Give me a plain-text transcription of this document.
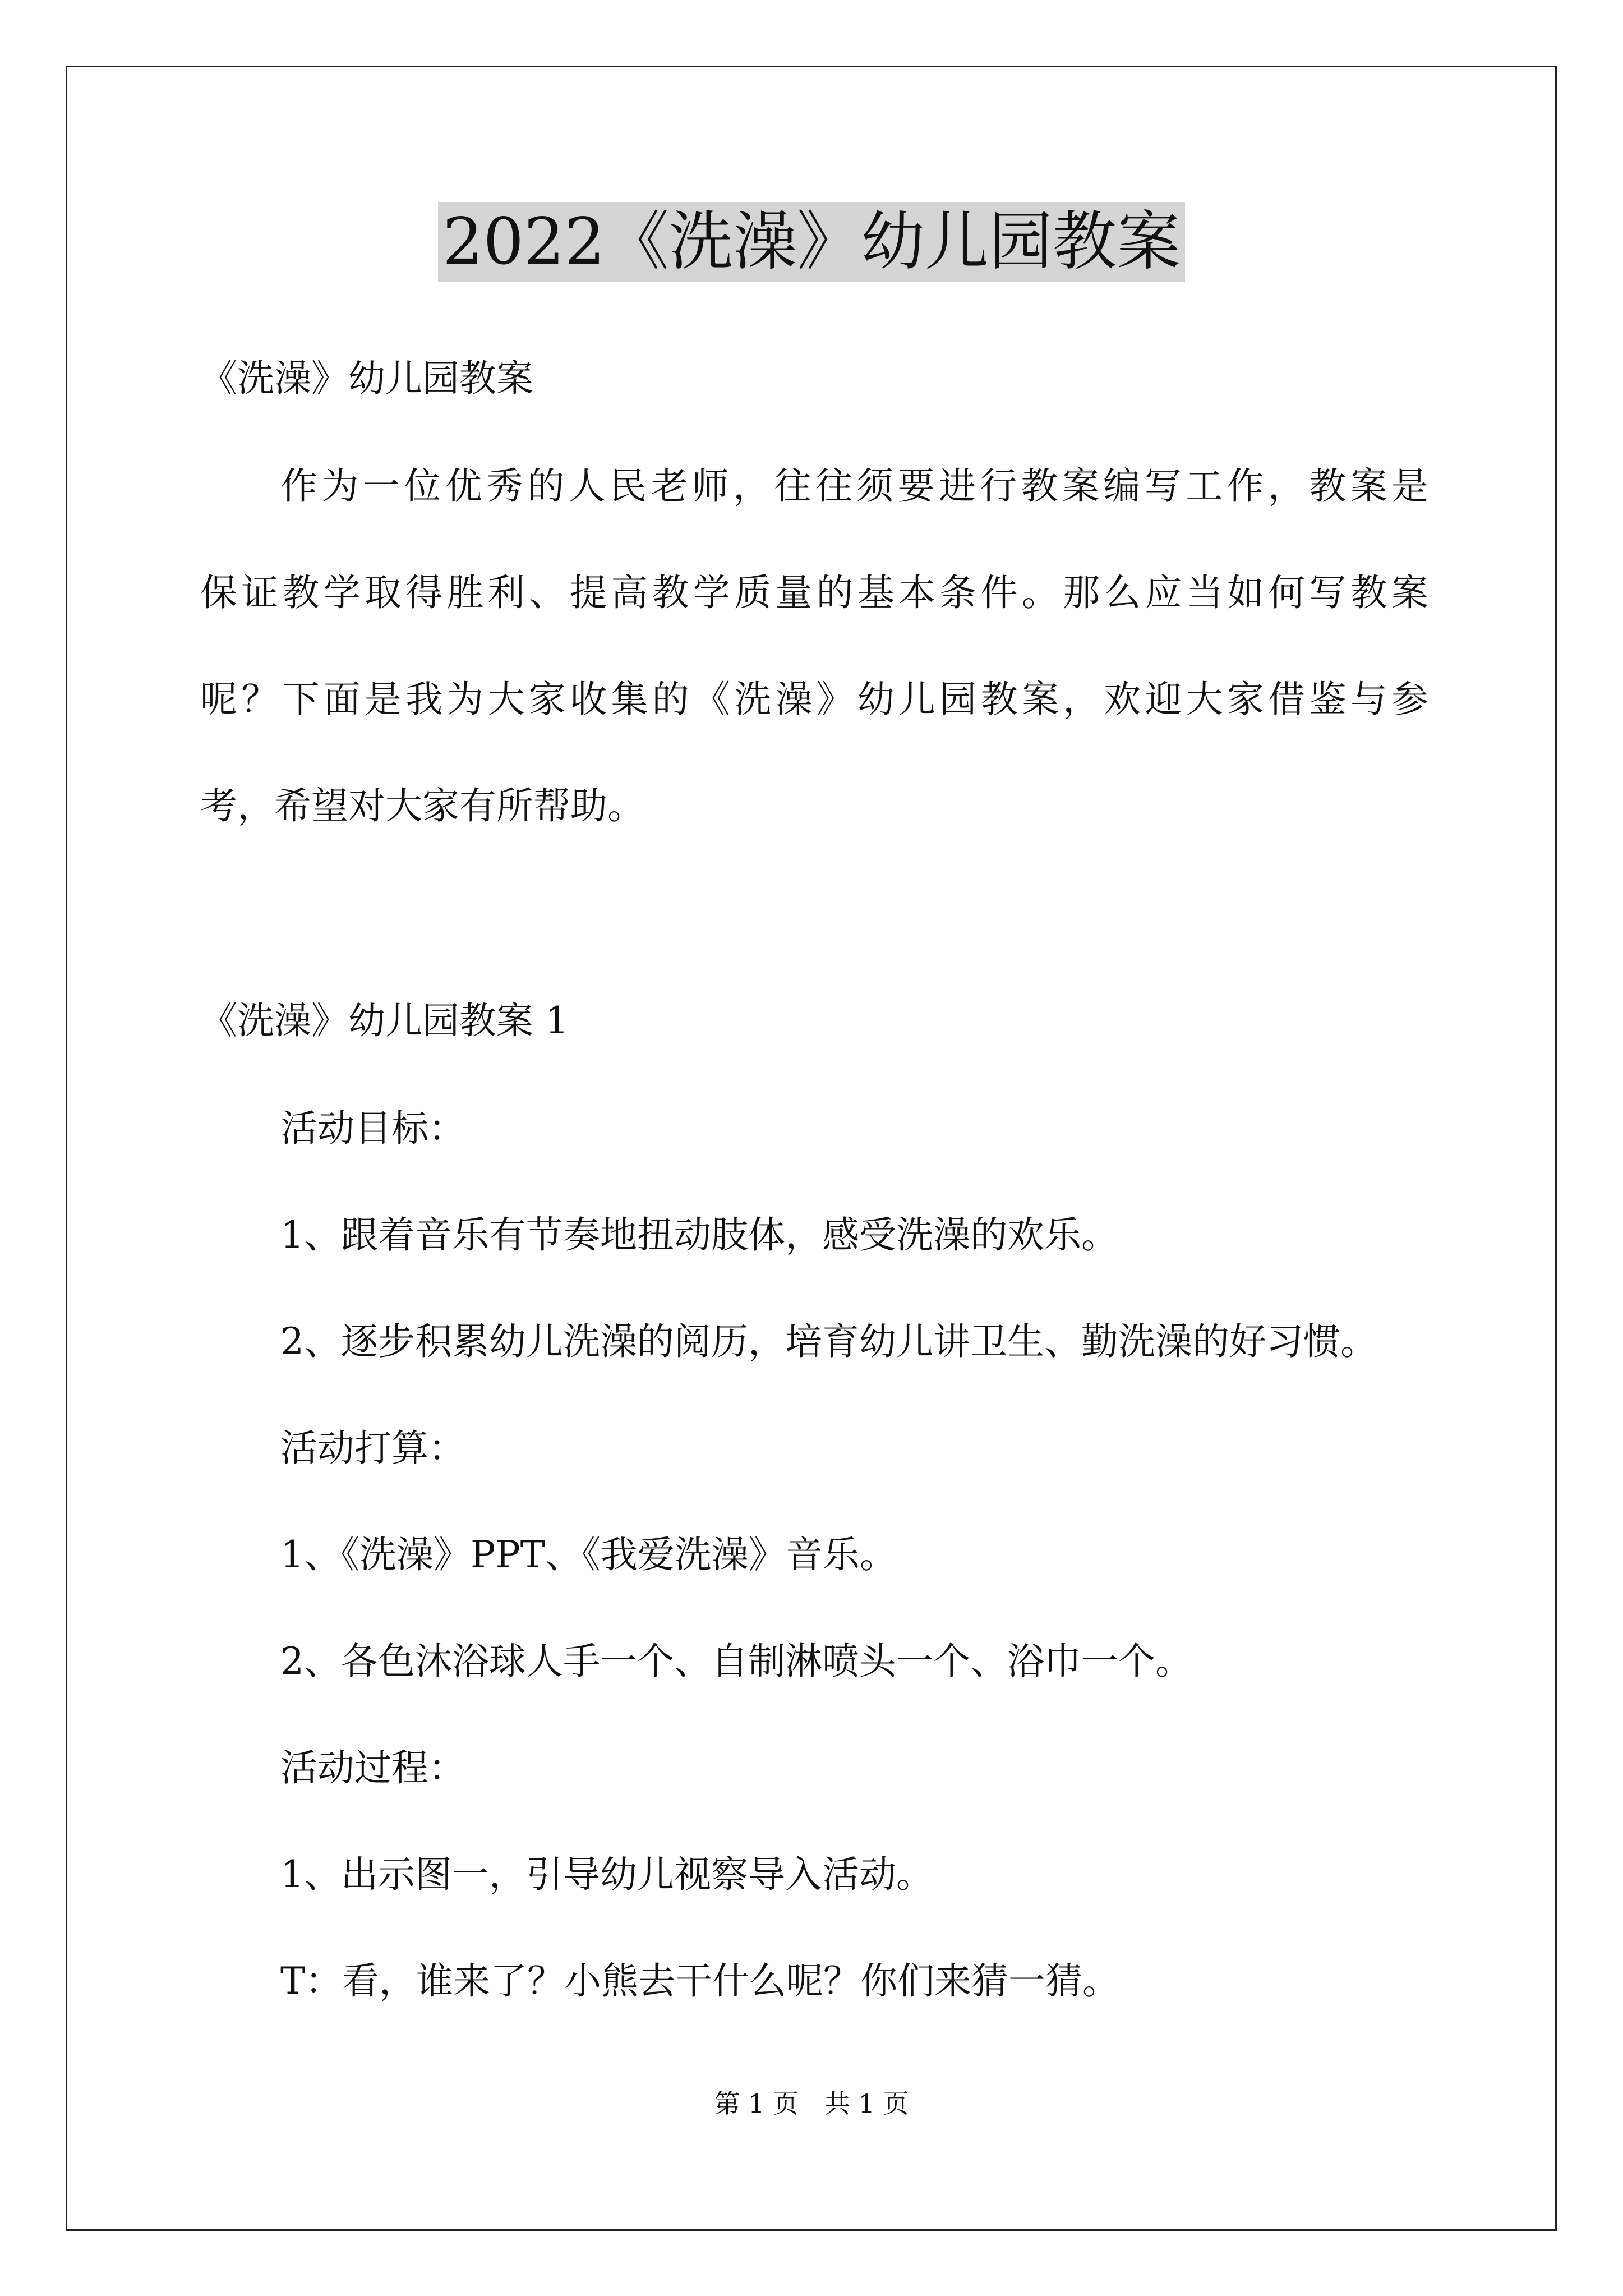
2022《洗澡》幼儿园教案
《洗澡》幼儿园教案
作为一位优秀的人民老师，往往须要进行教案编写工作，教案是
保证教学取得胜利、提高教学质量的基本条件。那么应当如何写教案
呢？下面是我为大家收集的《洗澡》幼儿园教案，欢迎大家借鉴与参
考，希望对大家有所帮助。
《洗澡》幼儿园教案 1
活动目标：
1、跟着音乐有节奏地扭动肢体，感受洗澡的欢乐。
2、逐步积累幼儿洗澡的阅历，培育幼儿讲卫生、勤洗澡的好习惯。
活动打算：
1、《洗澡》PPT、《我爱洗澡》音乐。
2、各色沐浴球人手一个、自制淋喷头一个、浴巾一个。
活动过程：
1、出示图一，引导幼儿视察导入活动。
T：看，谁来了？小熊去干什么呢？你们来猜一猜。
第 1 页　共 1 页
